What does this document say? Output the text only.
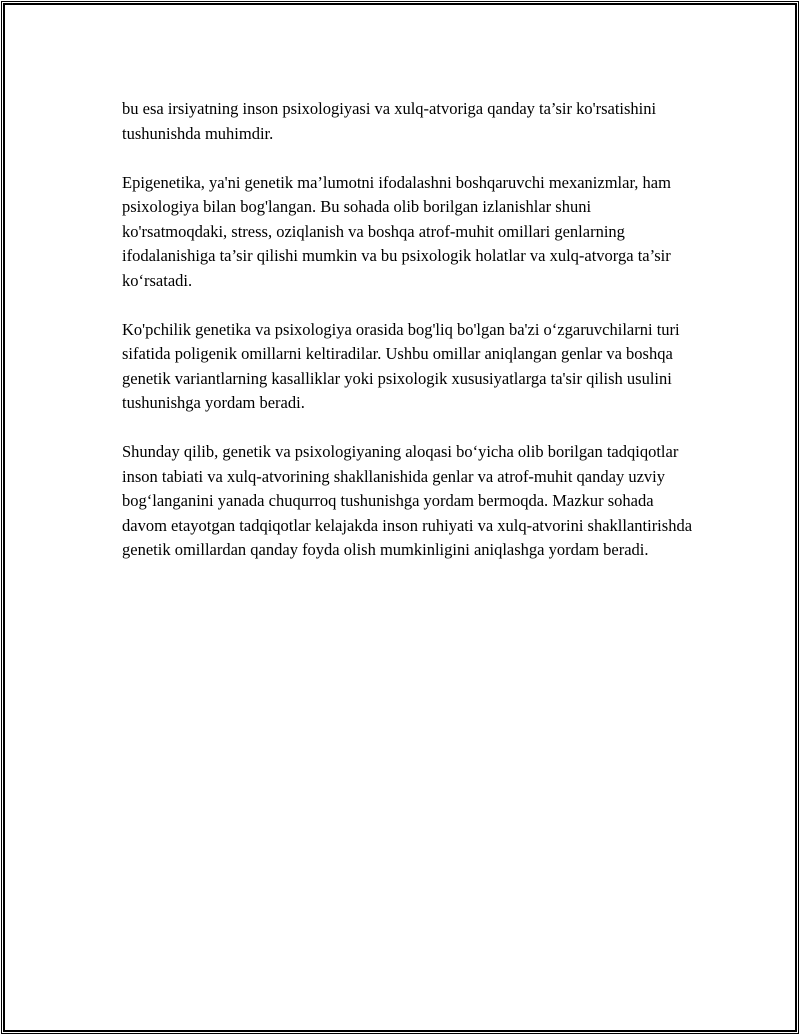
bu esa irsiyatning inson psixologiyasi va xulq-atvoriga qanday ta’sir ko'rsatishini tushunishda muhimdir.

Epigenetika, ya'ni genetik ma’lumotni ifodalashni boshqaruvchi mexanizmlar, ham psixologiya bilan bog'langan. Bu sohada olib borilgan izlanishlar shuni ko'rsatmoqdaki, stress, oziqlanish va boshqa atrof-muhit omillari genlarning ifodalanishiga ta’sir qilishi mumkin va bu psixologik holatlar va xulq-atvorga ta’sir ko‘rsatadi.

Ko'pchilik genetika va psixologiya orasida bog'liq bo'lgan ba'zi o‘zgaruvchilarni turi sifatida poligenik omillarni keltiradilar. Ushbu omillar aniqlangan genlar va boshqa genetik variantlarning kasalliklar yoki psixologik xususiyatlarga ta'sir qilish usulini tushunishga yordam beradi.

Shunday qilib, genetik va psixologiyaning aloqasi bo‘yicha olib borilgan tadqiqotlar inson tabiati va xulq-atvorining shakllanishida genlar va atrof-muhit qanday uzviy bog‘langanini yanada chuqurroq tushunishga yordam bermoqda. Mazkur sohada davom etayotgan tadqiqotlar kelajakda inson ruhiyati va xulq-atvorini shakllantirishda genetik omillardan qanday foyda olish mumkinligini aniqlashga yordam beradi.
